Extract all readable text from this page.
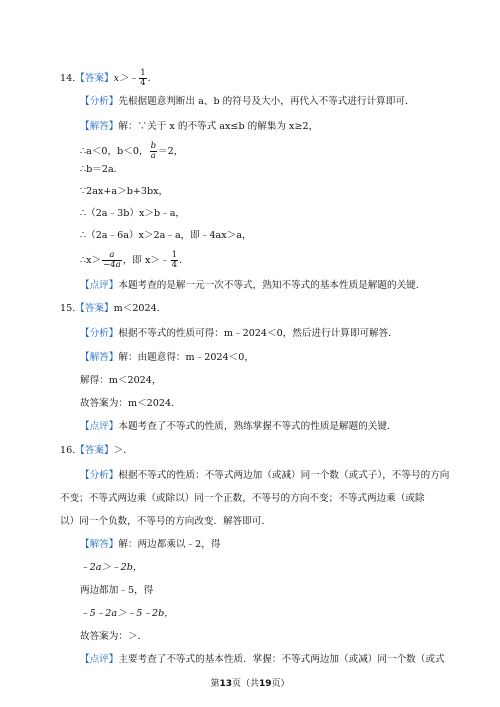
14.【答案】x＞﹣ $\frac{1}{4}$ .
【分析】先根据题意判断出 a、b 的符号及大小，再代入不等式进行计算即可．
【解答】解：∵关于 x 的不等式 ax≤b 的解集为 x≥2，
∴a＜0，b＜0， $\frac{b}{a} =2$，
∴b＝2a．
∵2ax+a＞b+3bx，
∴（2a﹣3b）x＞b﹣a，
∴（2a﹣6a）x＞2a﹣a，即﹣4ax＞a，
∴x＞ $\frac{a}{-4a}$ ，即 x＞﹣ $\frac{1}{4}$ ．
【点评】本题考查的是解一元一次不等式，熟知不等式的基本性质是解题的关键．
15.【答案】m＜2024．
【分析】根据不等式的性质可得：m﹣2024＜0，然后进行计算即可解答．
【解答】解：由题意得：m﹣2024＜0，
解得：m＜2024，
故答案为：m＜2024．
【点评】本题考查了不等式的性质，熟练掌握不等式的性质是解题的关键．
16.【答案】＞．
【分析】根据不等式的性质：不等式两边加（或减）同一个数（或式子），不等号的方向
不变；不等式两边乘（或除以）同一个正数，不等号的方向不变；不等式两边乘（或除
以）同一个负数，不等号的方向改变．解答即可．
【解答】解：两边都乘以﹣2，得
﹣2a＞﹣2b，
两边都加﹣5，得
﹣5﹣2a＞﹣5﹣2b，
故答案为：＞．
【点评】主要考查了不等式的基本性质．掌握：不等式两边加（或减）同一个数（或式
第13页（共19页）
